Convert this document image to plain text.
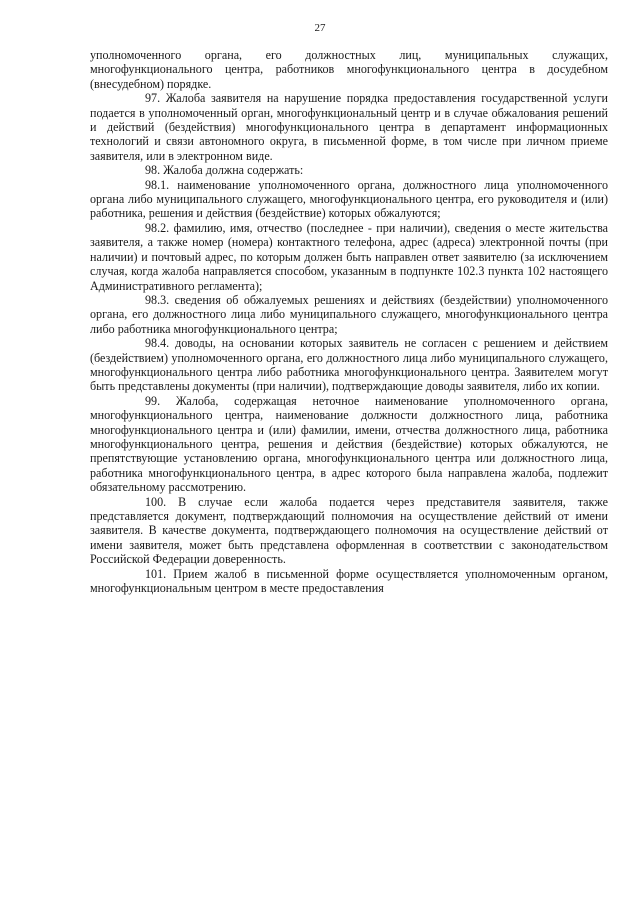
27

уполномоченного органа, его должностных лиц, муниципальных служащих, многофункционального центра, работников многофункционального центра в досудебном (внесудебном) порядке.

97. Жалоба заявителя на нарушение порядка предоставления государственной услуги подается в уполномоченный орган, многофункциональный центр и в случае обжалования решений и действий (бездействия) многофункционального центра в департамент информационных технологий и связи автономного округа, в письменной форме, в том числе при личном приеме заявителя, или в электронном виде.

98. Жалоба должна содержать:

98.1. наименование уполномоченного органа, должностного лица уполномоченного органа либо муниципального служащего, многофункционального центра, его руководителя и (или) работника, решения и действия (бездействие) которых обжалуются;

98.2. фамилию, имя, отчество (последнее - при наличии), сведения о месте жительства заявителя, а также номер (номера) контактного телефона, адрес (адреса) электронной почты (при наличии) и почтовый адрес, по которым должен быть направлен ответ заявителю (за исключением случая, когда жалоба направляется способом, указанным в подпункте 102.3 пункта 102 настоящего Административного регламента);

98.3. сведения об обжалуемых решениях и действиях (бездействии) уполномоченного органа, его должностного лица либо муниципального служащего, многофункционального центра либо работника многофункционального центра;

98.4. доводы, на основании которых заявитель не согласен с решением и действием (бездействием) уполномоченного органа, его должностного лица либо муниципального служащего, многофункционального центра либо работника многофункционального центра. Заявителем могут быть представлены документы (при наличии), подтверждающие доводы заявителя, либо их копии.

99. Жалоба, содержащая неточное наименование уполномоченного органа, многофункционального центра, наименование должности должностного лица, работника многофункционального центра и (или) фамилии, имени, отчества должностного лица, работника многофункционального центра, решения и действия (бездействие) которых обжалуются, не препятствующие установлению органа, многофункционального центра или должностного лица, работника многофункционального центра, в адрес которого была направлена жалоба, подлежит обязательному рассмотрению.

100. В случае если жалоба подается через представителя заявителя, также представляется документ, подтверждающий полномочия на осуществление действий от имени заявителя. В качестве документа, подтверждающего полномочия на осуществление действий от имени заявителя, может быть представлена оформленная в соответствии с законодательством Российской Федерации доверенность.

101. Прием жалоб в письменной форме осуществляется уполномоченным органом, многофункциональным центром в месте предоставления
